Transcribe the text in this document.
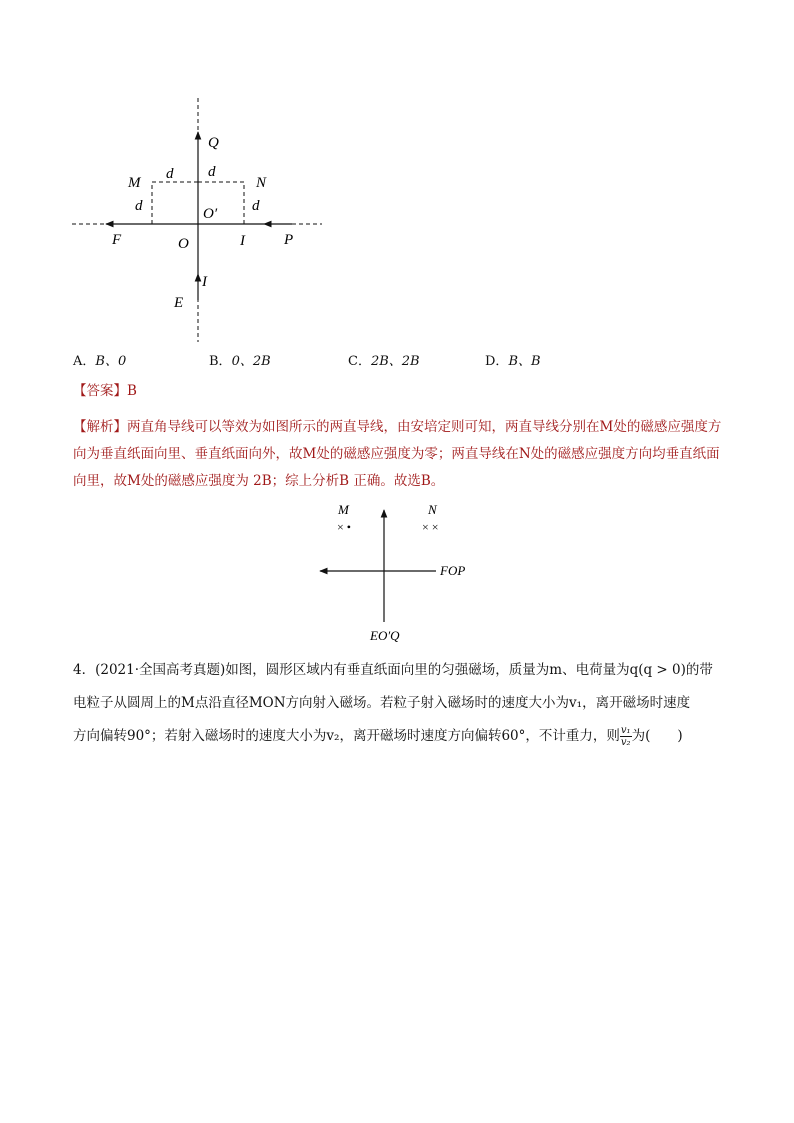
Q
M	N
d d
d	d
O′
F	O	I	P
I
E
A．B、0	B．0、2B	C．2B、2B	D．B、B
【答案】B
【解析】两直角导线可以等效为如图所示的两直导线，由安培定则可知，两直导线分别在M处的磁感应强度方向为垂直纸面向里、垂直纸面向外，故M处的磁感应强度为零；两直导线在N处的磁感应强度方向均垂直纸面向里，故M处的磁感应强度为 2B；综上分析B 正确。故选B。
M
× •
N
× ×
FOP
EO′Q
4．(2021·全国高考真题)如图，圆形区域内有垂直纸面向里的匀强磁场，质量为m、电荷量为q(q > 0)的带
电粒子从圆周上的M点沿直径MON方向射入磁场。若粒子射入磁场时的速度大小为v₁，离开磁场时速度
方向偏转90°；若射入磁场时的速度大小为v₂，离开磁场时速度方向偏转60°，不计重力，则 $\frac{\text{v₁}}{\text{v₂}}$ 为(　　)
